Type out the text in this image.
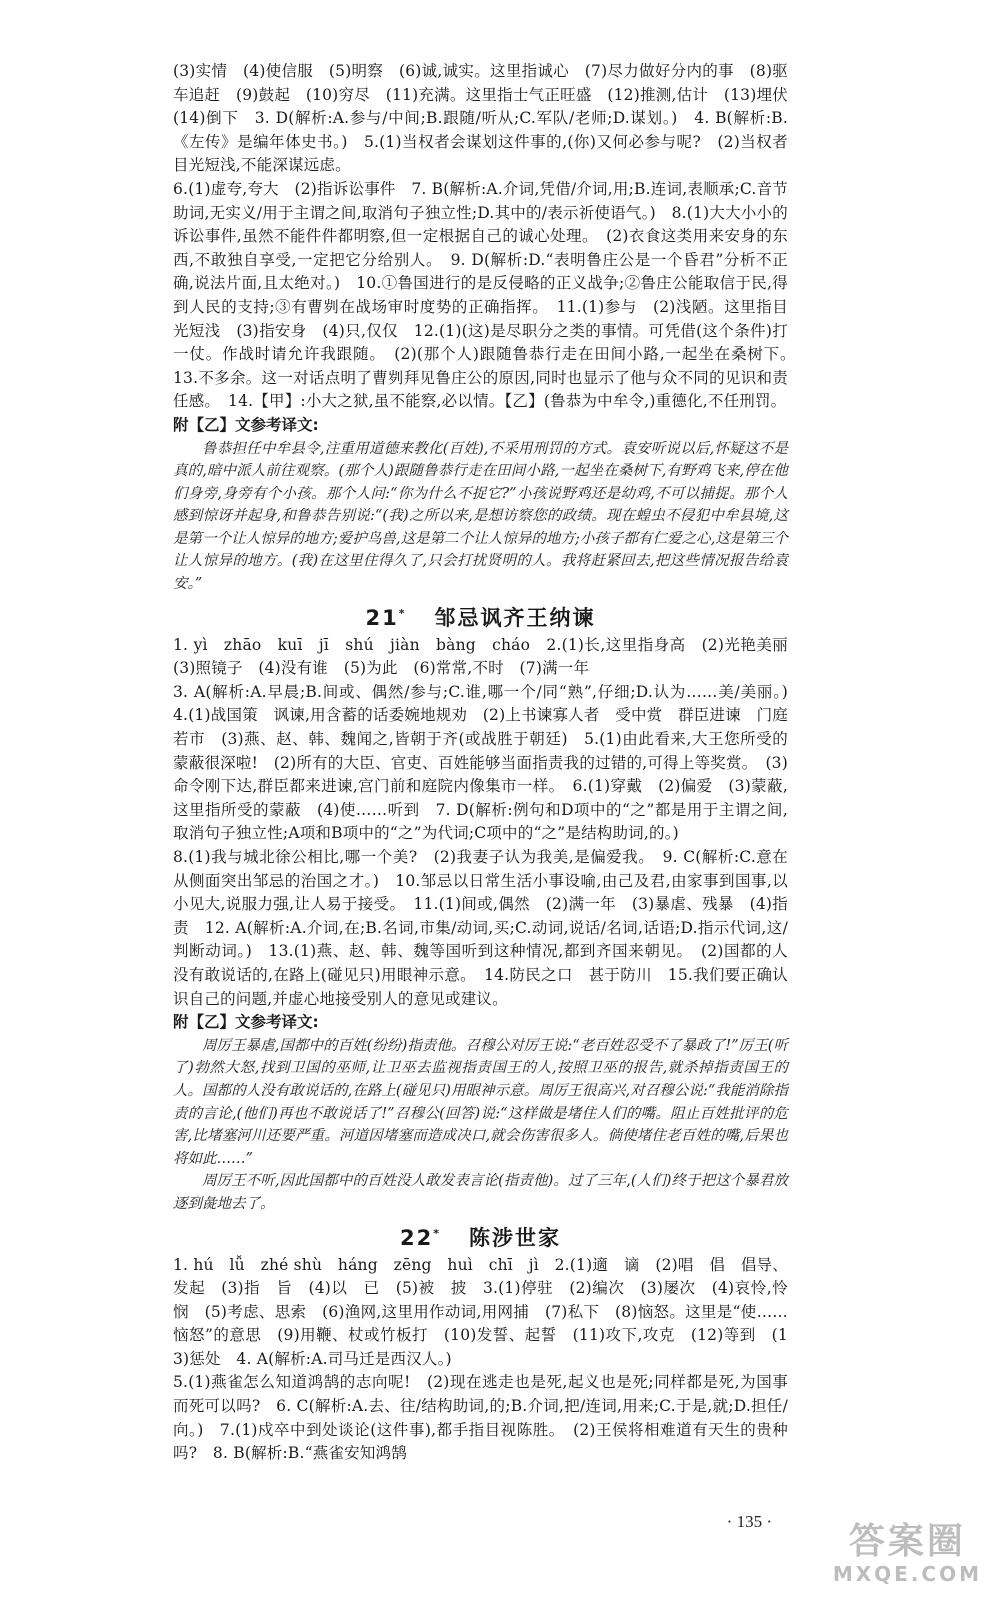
(3)实情　(4)使信服　(5)明察　(6)诚,诚实。这里指诚心　(7)尽力做好分内的事　(8)驱车追赶　(9)鼓起　(10)穷尽　(11)充满。这里指士气正旺盛　(12)推测,估计　(13)埋伏　(14)倒下　3. D(解析:A.参与/中间;B.跟随/听从;C.军队/老师;D.谋划。)　4. B(解析:B.《左传》是编年体史书。)　5.(1)当权者会谋划这件事的,(你)又何必参与呢?　(2)当权者目光短浅,不能深谋远虑。

6.(1)虚夸,夸大　(2)指诉讼事件　7. B(解析:A.介词,凭借/介词,用;B.连词,表顺承;C.音节助词,无实义/用于主谓之间,取消句子独立性;D.其中的/表示祈使语气。)　8.(1)大大小小的诉讼事件,虽然不能件件都明察,但一定根据自己的诚心处理。　(2)衣食这类用来安身的东西,不敢独自享受,一定把它分给别人。　9. D(解析:D.“表明鲁庄公是一个昏君”分析不正确,说法片面,且太绝对。)　10.①鲁国进行的是反侵略的正义战争;②鲁庄公能取信于民,得到人民的支持;③有曹刿在战场审时度势的正确指挥。　11.(1)参与　(2)浅陋。这里指目光短浅　(3)指安身　(4)只,仅仅　12.(1)(这)是尽职分之类的事情。可凭借(这个条件)打一仗。作战时请允许我跟随。　(2)(那个人)跟随鲁恭行走在田间小路,一起坐在桑树下。　13.不多余。这一对话点明了曹刿拜见鲁庄公的原因,同时也显示了他与众不同的见识和责任感。　14.【甲】:小大之狱,虽不能察,必以情。【乙】(鲁恭为中牟令,)重德化,不任刑罚。

附【乙】文参考译文:

鲁恭担任中牟县令,注重用道德来教化(百姓),不采用刑罚的方式。袁安听说以后,怀疑这不是真的,暗中派人前往观察。(那个人)跟随鲁恭行走在田间小路,一起坐在桑树下,有野鸡飞来,停在他们身旁,身旁有个小孩。那个人问:“你为什么不捉它?”小孩说野鸡还是幼鸡,不可以捕捉。那个人感到惊讶并起身,和鲁恭告别说:“(我)之所以来,是想访察您的政绩。现在蝗虫不侵犯中牟县境,这是第一个让人惊异的地方;爱护鸟兽,这是第二个让人惊异的地方;小孩子都有仁爱之心,这是第三个让人惊异的地方。(我)在这里住得久了,只会打扰贤明的人。我将赶紧回去,把这些情况报告给袁安。”

21* 邹忌讽齐王纳谏

1. yì　zhāo　kuī　jī　shú　jiàn　bàng　cháo　2.(1)长,这里指身高　(2)光艳美丽　(3)照镜子　(4)没有谁　(5)为此　(6)常常,不时　(7)满一年

3. A(解析:A.早晨;B.间或、偶然/参与;C.谁,哪一个/同“熟”,仔细;D.认为……美/美丽。)　4.(1)战国策　讽谏,用含蓄的话委婉地规劝　(2)上书谏寡人者　受中赏　群臣进谏　门庭若市　(3)燕、赵、韩、魏闻之,皆朝于齐(或战胜于朝廷)　5.(1)由此看来,大王您所受的蒙蔽很深啦!　(2)所有的大臣、官吏、百姓能够当面指责我的过错的,可得上等奖赏。　(3)命令刚下达,群臣都来进谏,宫门前和庭院内像集市一样。　6.(1)穿戴　(2)偏爱　(3)蒙蔽,这里指所受的蒙蔽　(4)使……听到　7. D(解析:例句和D项中的“之”都是用于主谓之间,取消句子独立性;A项和B项中的“之”为代词;C项中的“之”是结构助词,的。)

8.(1)我与城北徐公相比,哪一个美?　(2)我妻子认为我美,是偏爱我。　9. C(解析:C.意在从侧面突出邹忌的治国之才。)　10.邹忌以日常生活小事设喻,由己及君,由家事到国事,以小见大,说服力强,让人易于接受。　11.(1)间或,偶然　(2)满一年　(3)暴虐、残暴　(4)指责　12. A(解析:A.介词,在;B.名词,市集/动词,买;C.动词,说话/名词,话语;D.指示代词,这/判断动词。)　13.(1)燕、赵、韩、魏等国听到这种情况,都到齐国来朝见。　(2)国都的人没有敢说话的,在路上(碰见只)用眼神示意。　14.防民之口　甚于防川　15.我们要正确认识自己的问题,并虚心地接受别人的意见或建议。

附【乙】文参考译文:

周厉王暴虐,国都中的百姓(纷纷)指责他。召穆公对厉王说:“老百姓忍受不了暴政了!”厉王(听了)勃然大怒,找到卫国的巫师,让卫巫去监视指责国王的人,按照卫巫的报告,就杀掉指责国王的人。国都的人没有敢说话的,在路上(碰见只)用眼神示意。周厉王很高兴,对召穆公说:“我能消除指责的言论,(他们)再也不敢说话了!”召穆公(回答)说:“这样做是堵住人们的嘴。阻止百姓批评的危害,比堵塞河川还要严重。河道因堵塞而造成决口,就会伤害很多人。倘使堵住老百姓的嘴,后果也将如此……”

周厉王不听,因此国都中的百姓没人敢发表言论(指责他)。过了三年,(人们)终于把这个暴君放逐到彘地去了。

22* 陈涉世家

1. hú　lǚ　zhé shù　háng　zēng　huì　chī　jì　2.(1)適　谪　(2)唱　倡　倡导、发起　(3)指　旨　(4)以　已　(5)被　披　3.(1)停驻　(2)编次　(3)屡次　(4)哀怜,怜悯　(5)考虑、思索　(6)渔网,这里用作动词,用网捕　(7)私下　(8)恼怒。这里是“使……恼怒”的意思　(9)用鞭、杖或竹板打　(10)发誓、起誓　(11)攻下,攻克　(12)等到　(13)惩处　4. A(解析:A.司马迁是西汉人。)

5.(1)燕雀怎么知道鸿鹄的志向呢!　(2)现在逃走也是死,起义也是死;同样都是死,为国事而死可以吗?　6. C(解析:A.去、往/结构助词,的;B.介词,把/连词,用来;C.于是,就;D.担任/向。)　7.(1)戍卒中到处谈论(这件事),都手指目视陈胜。　(2)王侯将相难道有天生的贵种吗?　8. B(解析:B.“燕雀安知鸿鹄

· 135 ·	答案圈
MXQE.COM
